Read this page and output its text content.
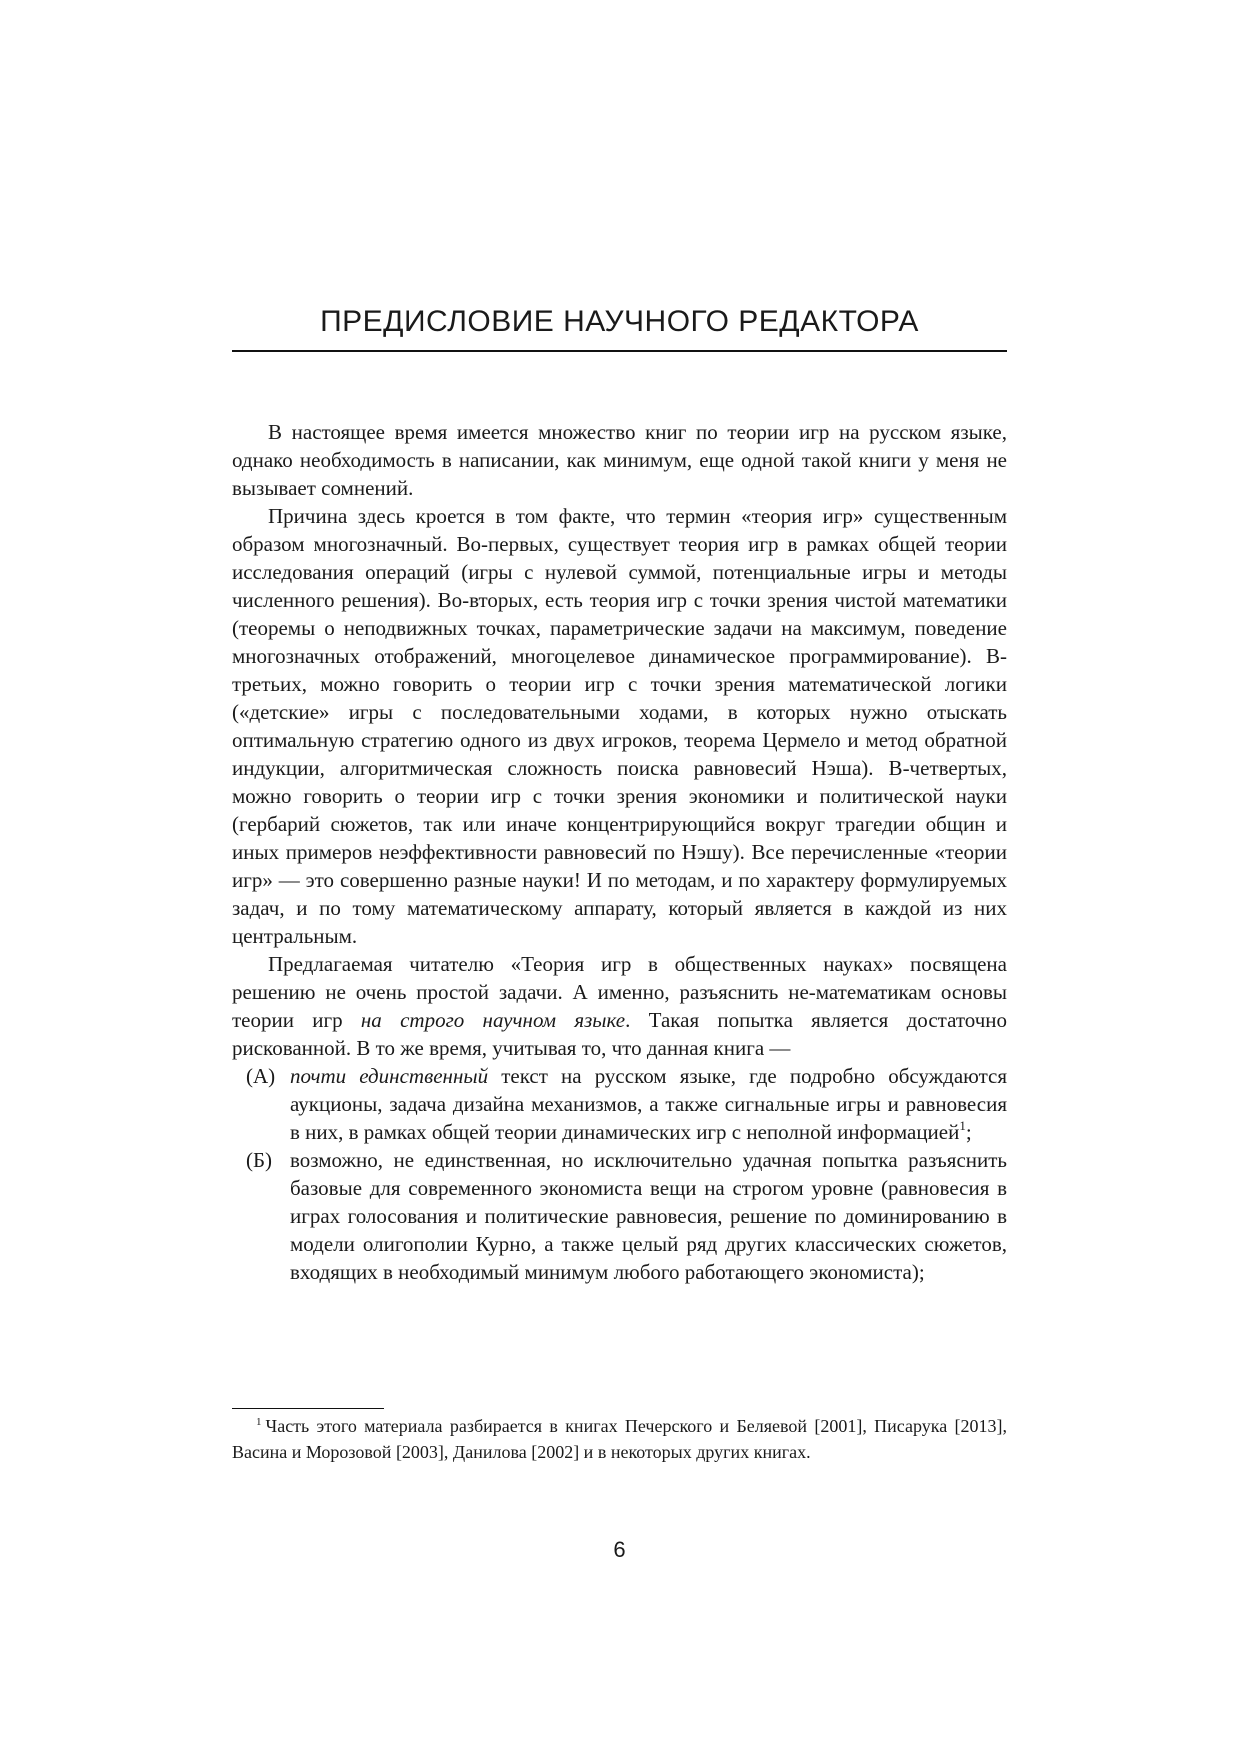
ПРЕДИСЛОВИЕ НАУЧНОГО РЕДАКТОРА

В настоящее время имеется множество книг по теории игр на русском языке, однако необходимость в написании, как минимум, еще одной такой книги у меня не вызывает сомнений.

Причина здесь кроется в том факте, что термин «теория игр» существенным образом многозначный. Во-первых, существует теория игр в рамках общей теории исследования операций (игры с нулевой суммой, потенциальные игры и методы численного решения). Во-вторых, есть теория игр с точки зрения чистой математики (теоремы о неподвижных точках, параметрические задачи на максимум, поведение многозначных отображений, многоцелевое динамическое программирование). В-третьих, можно говорить о теории игр с точки зрения математической логики («детские» игры с последовательными ходами, в которых нужно отыскать оптимальную стратегию одного из двух игроков, теорема Цермело и метод обратной индукции, алгоритмическая сложность поиска равновесий Нэша). В-четвертых, можно говорить о теории игр с точки зрения экономики и политической науки (гербарий сюжетов, так или иначе концентрирующийся вокруг трагедии общин и иных примеров неэффективности равновесий по Нэшу). Все перечисленные «теории игр» — это совершенно разные науки! И по методам, и по характеру формулируемых задач, и по тому математическому аппарату, который является в каждой из них центральным.

Предлагаемая читателю «Теория игр в общественных науках» посвящена решению не очень простой задачи. А именно, разъяснить не-математикам основы теории игр на строго научном языке. Такая попытка является достаточно рискованной. В то же время, учитывая то, что данная книга —

(А) почти единственный текст на русском языке, где подробно обсуждаются аукционы, задача дизайна механизмов, а также сигнальные игры и равновесия в них, в рамках общей теории динамических игр с неполной информацией$^1$;
(Б) возможно, не единственная, но исключительно удачная попытка разъяснить базовые для современного экономиста вещи на строгом уровне (равновесия в играх голосования и политические равновесия, решение по доминированию в модели олигополии Курно, а также целый ряд других классических сюжетов, входящих в необходимый минимум любого работающего экономиста);
$^1$ Часть этого материала разбирается в книгах Печерского и Беляевой [2001], Писарука [2013], Васина и Морозовой [2003], Данилова [2002] и в некоторых других книгах.
6
